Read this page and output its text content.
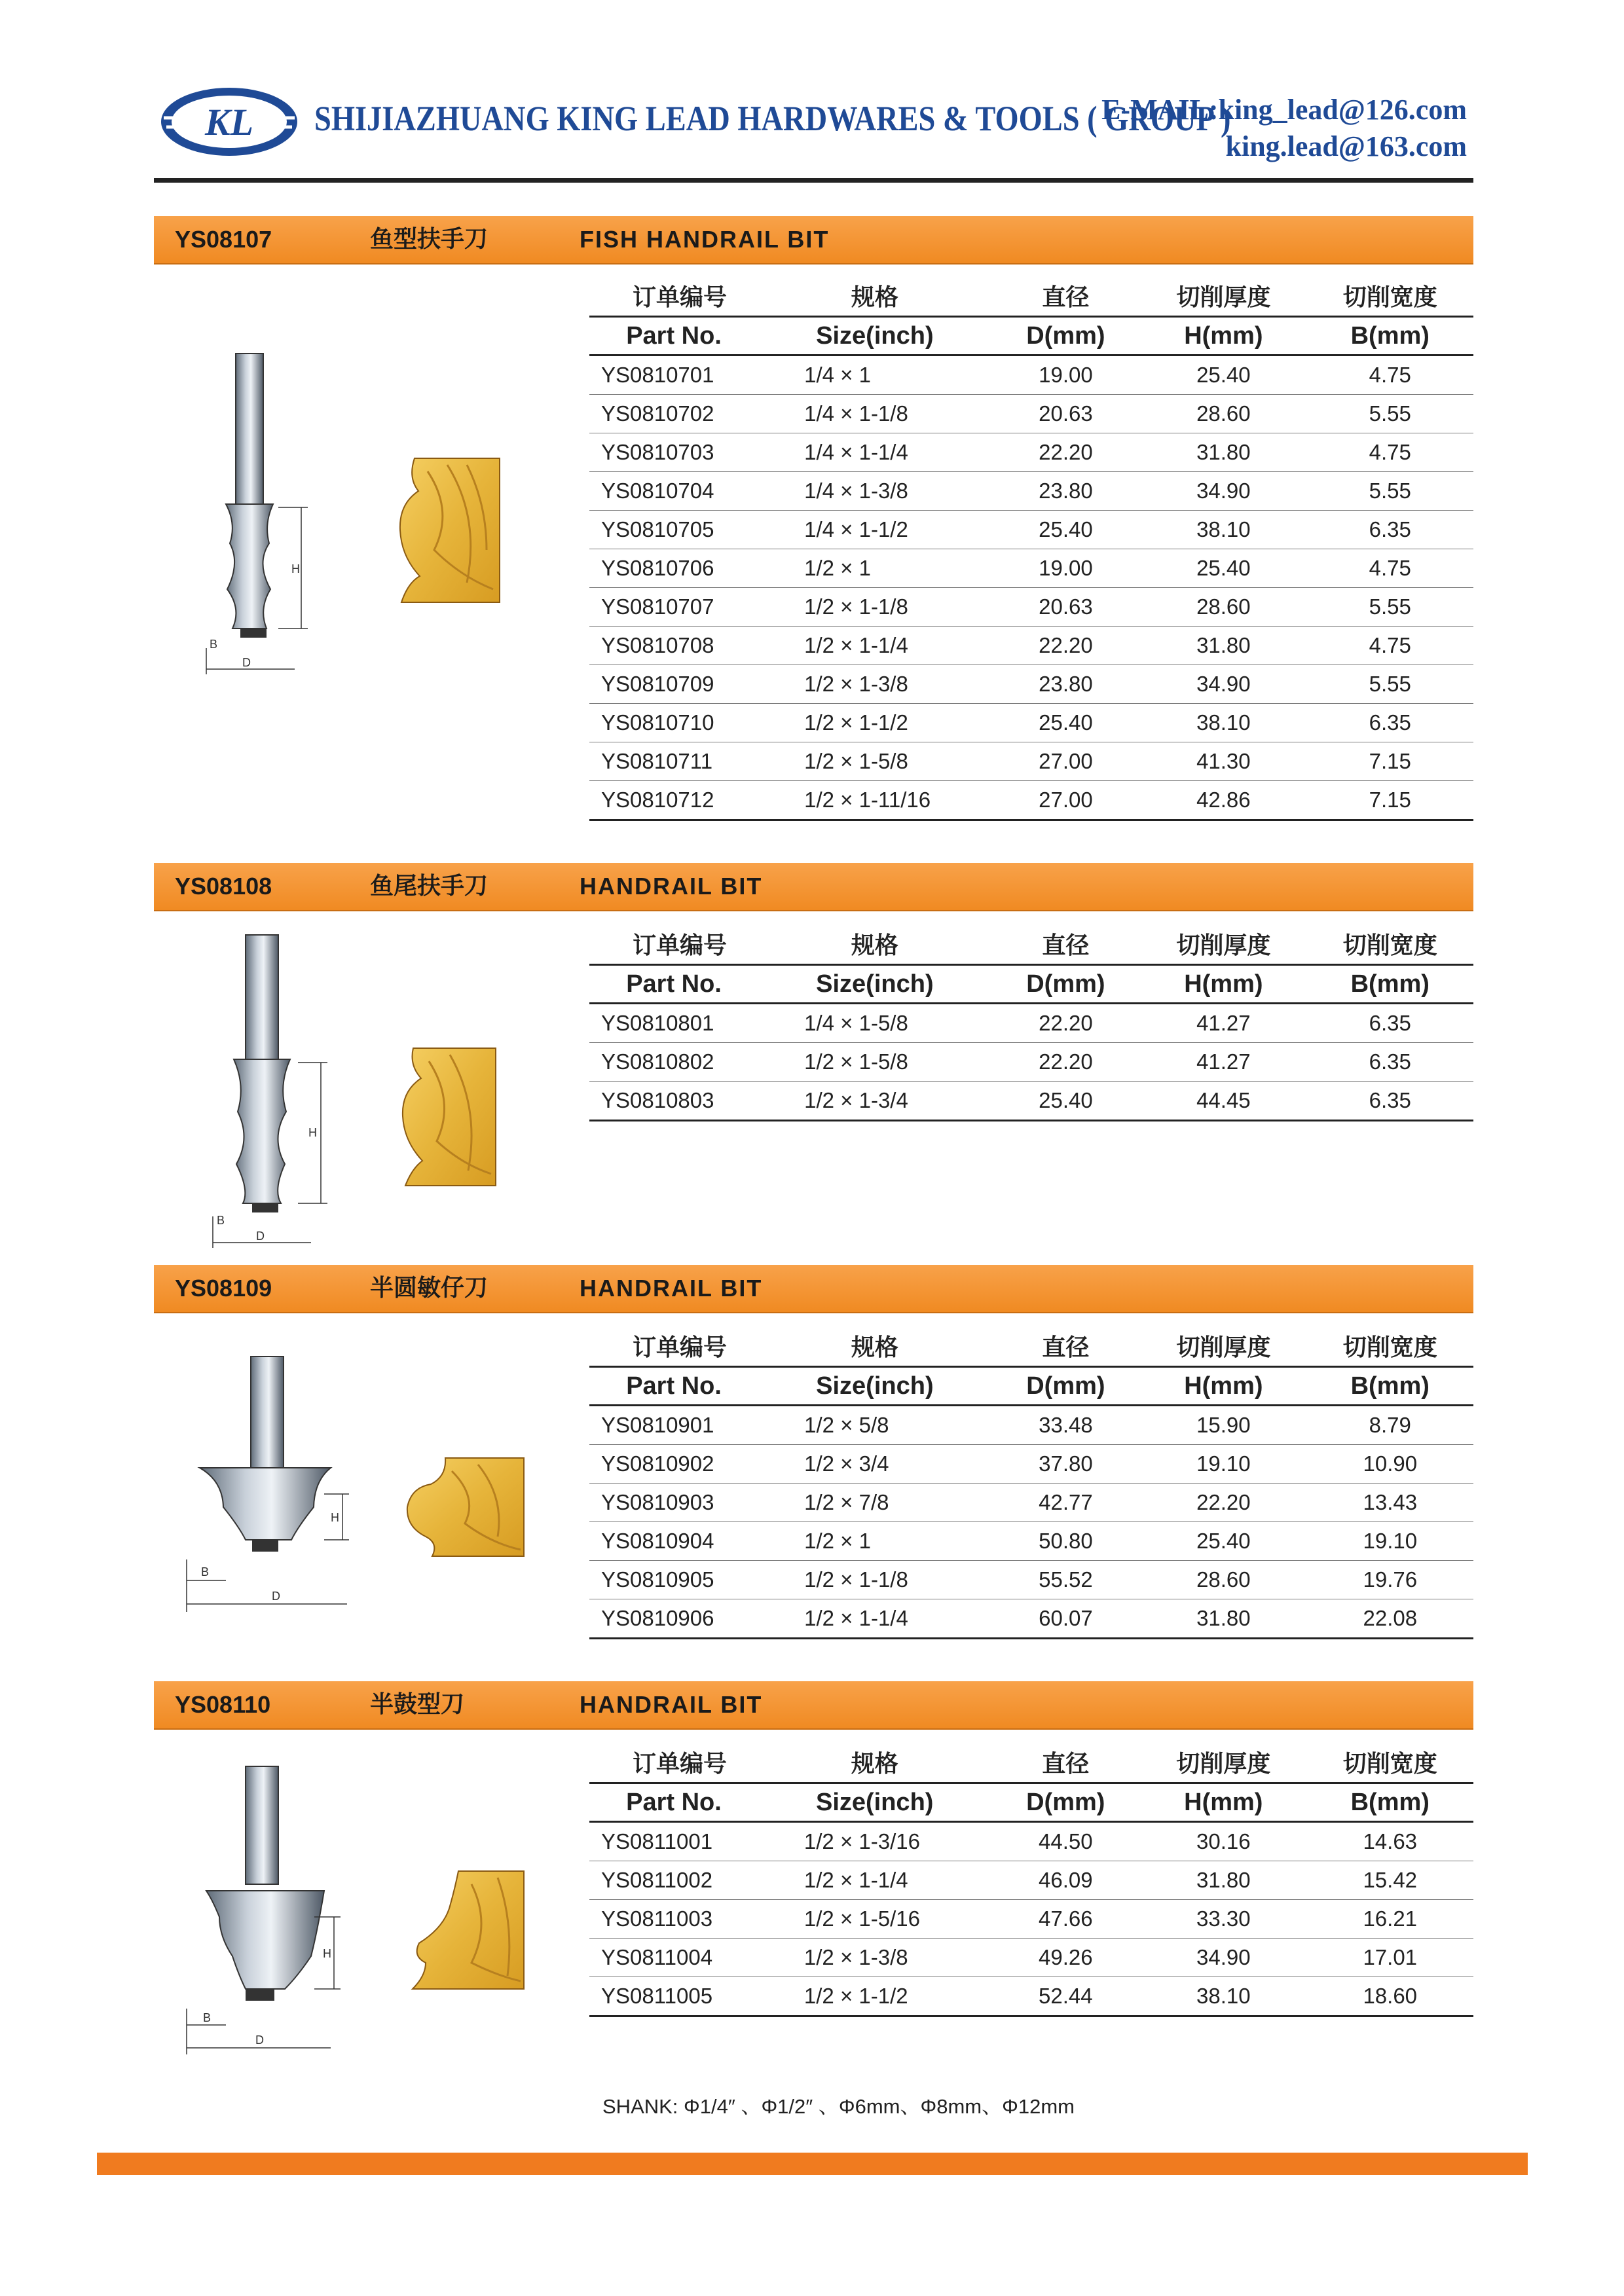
KL SHIJIAZHUANG KING LEAD HARDWARES & TOOLS ( GROUP )
E-MAIL:king_lead@126.com
king.lead@163.com
YS08107	鱼型扶手刀	FISH HANDRAIL BIT
H
B
D
订单编号	规格	直径	切削厚度	切削宽度
Part No.	Size(inch)	D(mm)	H(mm)	B(mm)
YS0810701	1/4 × 1	19.00	25.40	4.75
YS0810702	1/4 × 1-1/8	20.63	28.60	5.55
YS0810703	1/4 × 1-1/4	22.20	31.80	4.75
YS0810704	1/4 × 1-3/8	23.80	34.90	5.55
YS0810705	1/4 × 1-1/2	25.40	38.10	6.35
YS0810706	1/2 × 1	19.00	25.40	4.75
YS0810707	1/2 × 1-1/8	20.63	28.60	5.55
YS0810708	1/2 × 1-1/4	22.20	31.80	4.75
YS0810709	1/2 × 1-3/8	23.80	34.90	5.55
YS0810710	1/2 × 1-1/2	25.40	38.10	6.35
YS0810711	1/2 × 1-5/8	27.00	41.30	7.15
YS0810712	1/2 × 1-11/16	27.00	42.86	7.15
YS08108	鱼尾扶手刀	HANDRAIL BIT
H
B
D
订单编号	规格	直径	切削厚度	切削宽度
Part No.	Size(inch)	D(mm)	H(mm)	B(mm)
YS0810801	1/4 × 1-5/8	22.20	41.27	6.35
YS0810802	1/2 × 1-5/8	22.20	41.27	6.35
YS0810803	1/2 × 1-3/4	25.40	44.45	6.35
YS08109	半圆敏仔刀	HANDRAIL BIT
H
B
D
订单编号	规格	直径	切削厚度	切削宽度
Part No.	Size(inch)	D(mm)	H(mm)	B(mm)
YS0810901	1/2 × 5/8	33.48	15.90	8.79
YS0810902	1/2 × 3/4	37.80	19.10	10.90
YS0810903	1/2 × 7/8	42.77	22.20	13.43
YS0810904	1/2 × 1	50.80	25.40	19.10
YS0810905	1/2 × 1-1/8	55.52	28.60	19.76
YS0810906	1/2 × 1-1/4	60.07	31.80	22.08
YS08110	半鼓型刀	HANDRAIL BIT
H
B
D
订单编号	规格	直径	切削厚度	切削宽度
Part No.	Size(inch)	D(mm)	H(mm)	B(mm)
YS0811001	1/2 × 1-3/16	44.50	30.16	14.63
YS0811002	1/2 × 1-1/4	46.09	31.80	15.42
YS0811003	1/2 × 1-5/16	47.66	33.30	16.21
YS0811004	1/2 × 1-3/8	49.26	34.90	17.01
YS0811005	1/2 × 1-1/2	52.44	38.10	18.60
SHANK: Φ1/4″ 、Φ1/2″ 、Φ6mm、Φ8mm、Φ12mm
